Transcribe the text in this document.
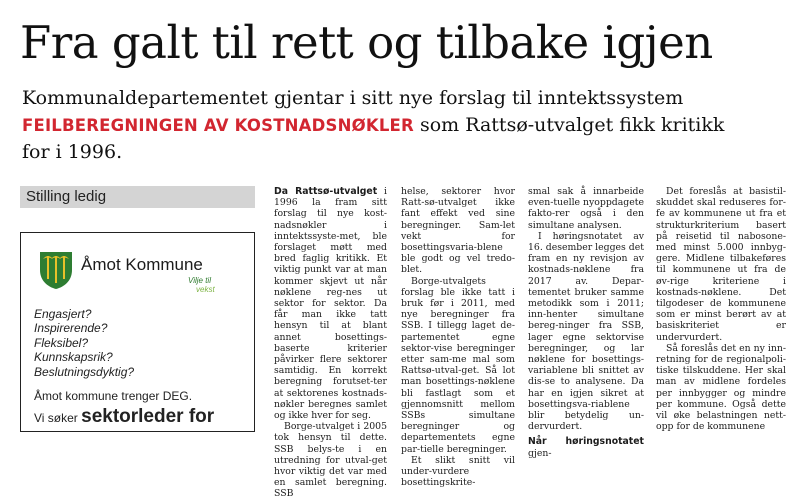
Fra galt til rett og tilbake igjen
Kommunaldepartementet gjentar i sitt nye forslag til inntektssystem
FEILBEREGNINGEN AV KOSTNADSNØKLER som Rattsø-utvalget fikk kritikk
for i 1996.
Stilling ledig
Åmot Kommune
Vilje til
vekst
Engasjert?
Inspirerende?
Fleksibel?
Kunnskapsrik?
Beslutningsdyktig?
Åmot kommune trenger DEG.
Vi søker sektorleder for

Da Rattsø-utvalget i 1996 la fram sitt forslag til nye kost-nadsnøkler i inntektssyste-met, ble forslaget møtt med bred faglig kritikk. Et viktig punkt var at man kommer skjevt ut når nøklene reg-nes ut sektor for sektor. Da får man ikke tatt hensyn til at blant annet bosettings-baserte kriterier påvirker flere sektorer samtidig. En korrekt beregning forutset-ter at sektorenes kostnads-nøkler beregnes samlet og ikke hver for seg.

Borge-utvalget i 2005 tok hensyn til dette. SSB belys-te i en utredning for utval-get hvor viktig det var med en samlet beregning. SSB

helse, sektorer hvor Ratt-sø-utvalget ikke fant effekt ved sine beregninger. Sam-let vekt for bosettingsvaria-blene ble godt og vel tredo-blet.

Borge-utvalgets forslag ble ikke tatt i bruk før i 2011, med nye beregninger fra SSB. I tillegg laget de-partementet egne sektor-vise beregninger etter sam-me mal som Rattsø-utval-get. Så lot man bosettings-nøklene bli fastlagt som et gjennomsnitt mellom SSBs simultane beregninger og departementets egne par-tielle beregninger.

Et slikt snitt vil under-vurdere bosettingskrite-

smal sak å innarbeide even-tuelle nyoppdagete fakto-rer også i den simultane analysen.

I høringsnotatet av 16. desember legges det fram en ny revisjon av kostnads-nøklene fra 2017 av. Depar-tementet bruker samme metodikk som i 2011; inn-henter simultane bereg-ninger fra SSB, lager egne sektorvise beregninger, og lar nøklene for bosettings-variablene bli snittet av dis-se to analysene. Da har en igjen sikret at bosettingsva-riablene blir betydelig un-dervurdert.

Når høringsnotatet gjen-

Det foreslås at basistil-skuddet skal reduseres for-fe av kommunene ut fra et strukturkriterium basert på reisetid til nabosone-med minst 5.000 innbyg-gere. Midlene tilbakeføres til kommunene ut fra de øv-rige kriteriene i kostnads-nøklene. Det tilgodeser de kommunene som er minst berørt av at basiskriteriet er undervurdert.

Så foreslås det en ny inn-retning for de regionalpoli-tiske tilskuddene. Her skal man av midlene fordeles per innbygger og mindre per kommune. Også dette vil øke belastningen nett-opp for de kommunene
